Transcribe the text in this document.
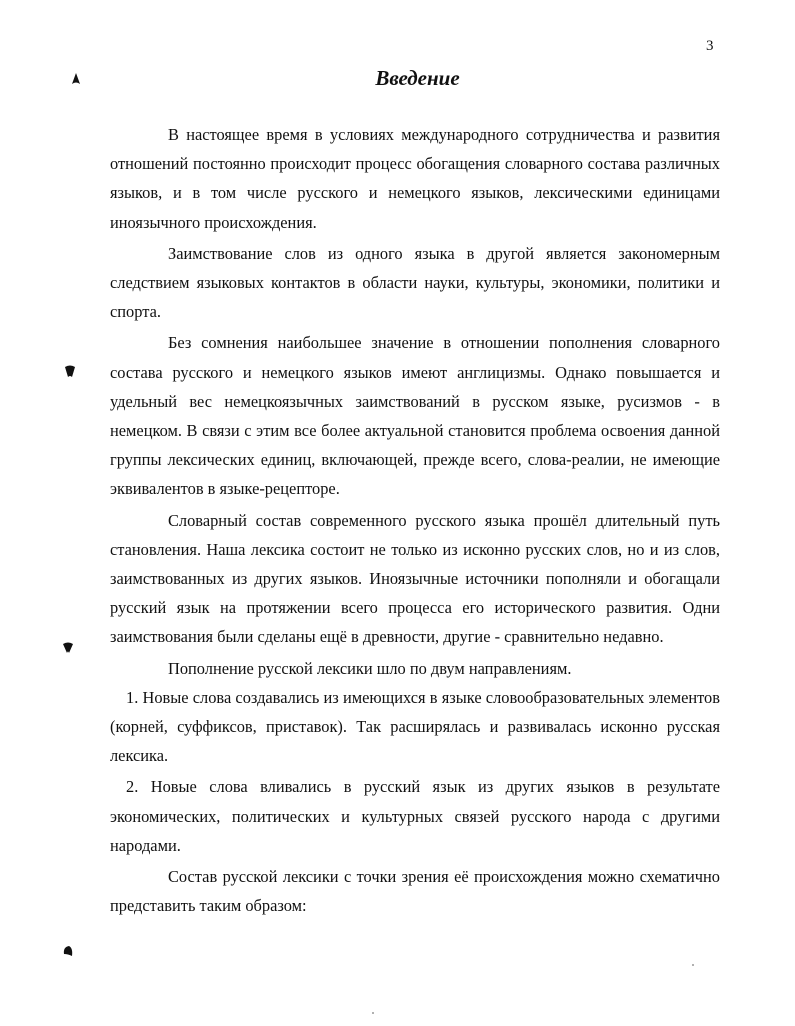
3
Введение

В настоящее время в условиях международного сотрудничества и развития отношений постоянно происходит процесс обогащения словарного состава различных языков, и в том числе русского и немецкого языков, лексическими единицами иноязычного происхождения.

Заимствование слов из одного языка в другой является закономерным следствием языковых контактов в области науки, культуры, экономики, политики и спорта.

Без сомнения наибольшее значение в отношении пополнения словарного состава русского и немецкого языков имеют англицизмы. Однако повышается и удельный вес немецкоязычных заимствований в русском языке, русизмов - в немецком. В связи с этим все более актуальной становится проблема освоения данной группы лексических единиц, включающей, прежде всего, слова-реалии, не имеющие эквивалентов в языке-рецепторе.

Словарный состав современного русского языка прошёл длительный путь становления. Наша лексика состоит не только из исконно русских слов, но и из слов, заимствованных из других языков. Иноязычные источники пополняли и обогащали русский язык на протяжении всего процесса его исторического развития. Одни заимствования были сделаны ещё в древности, другие - сравнительно недавно.

Пополнение русской лексики шло по двум направлениям.

1. Новые слова создавались из имеющихся в языке словообразовательных элементов (корней, суффиксов, приставок). Так расширялась и развивалась исконно русская лексика.

2. Новые слова вливались в русский язык из других языков в результате экономических, политических и культурных связей русского народа с другими народами.

Состав русской лексики с точки зрения её происхождения можно схематично представить таким образом:
